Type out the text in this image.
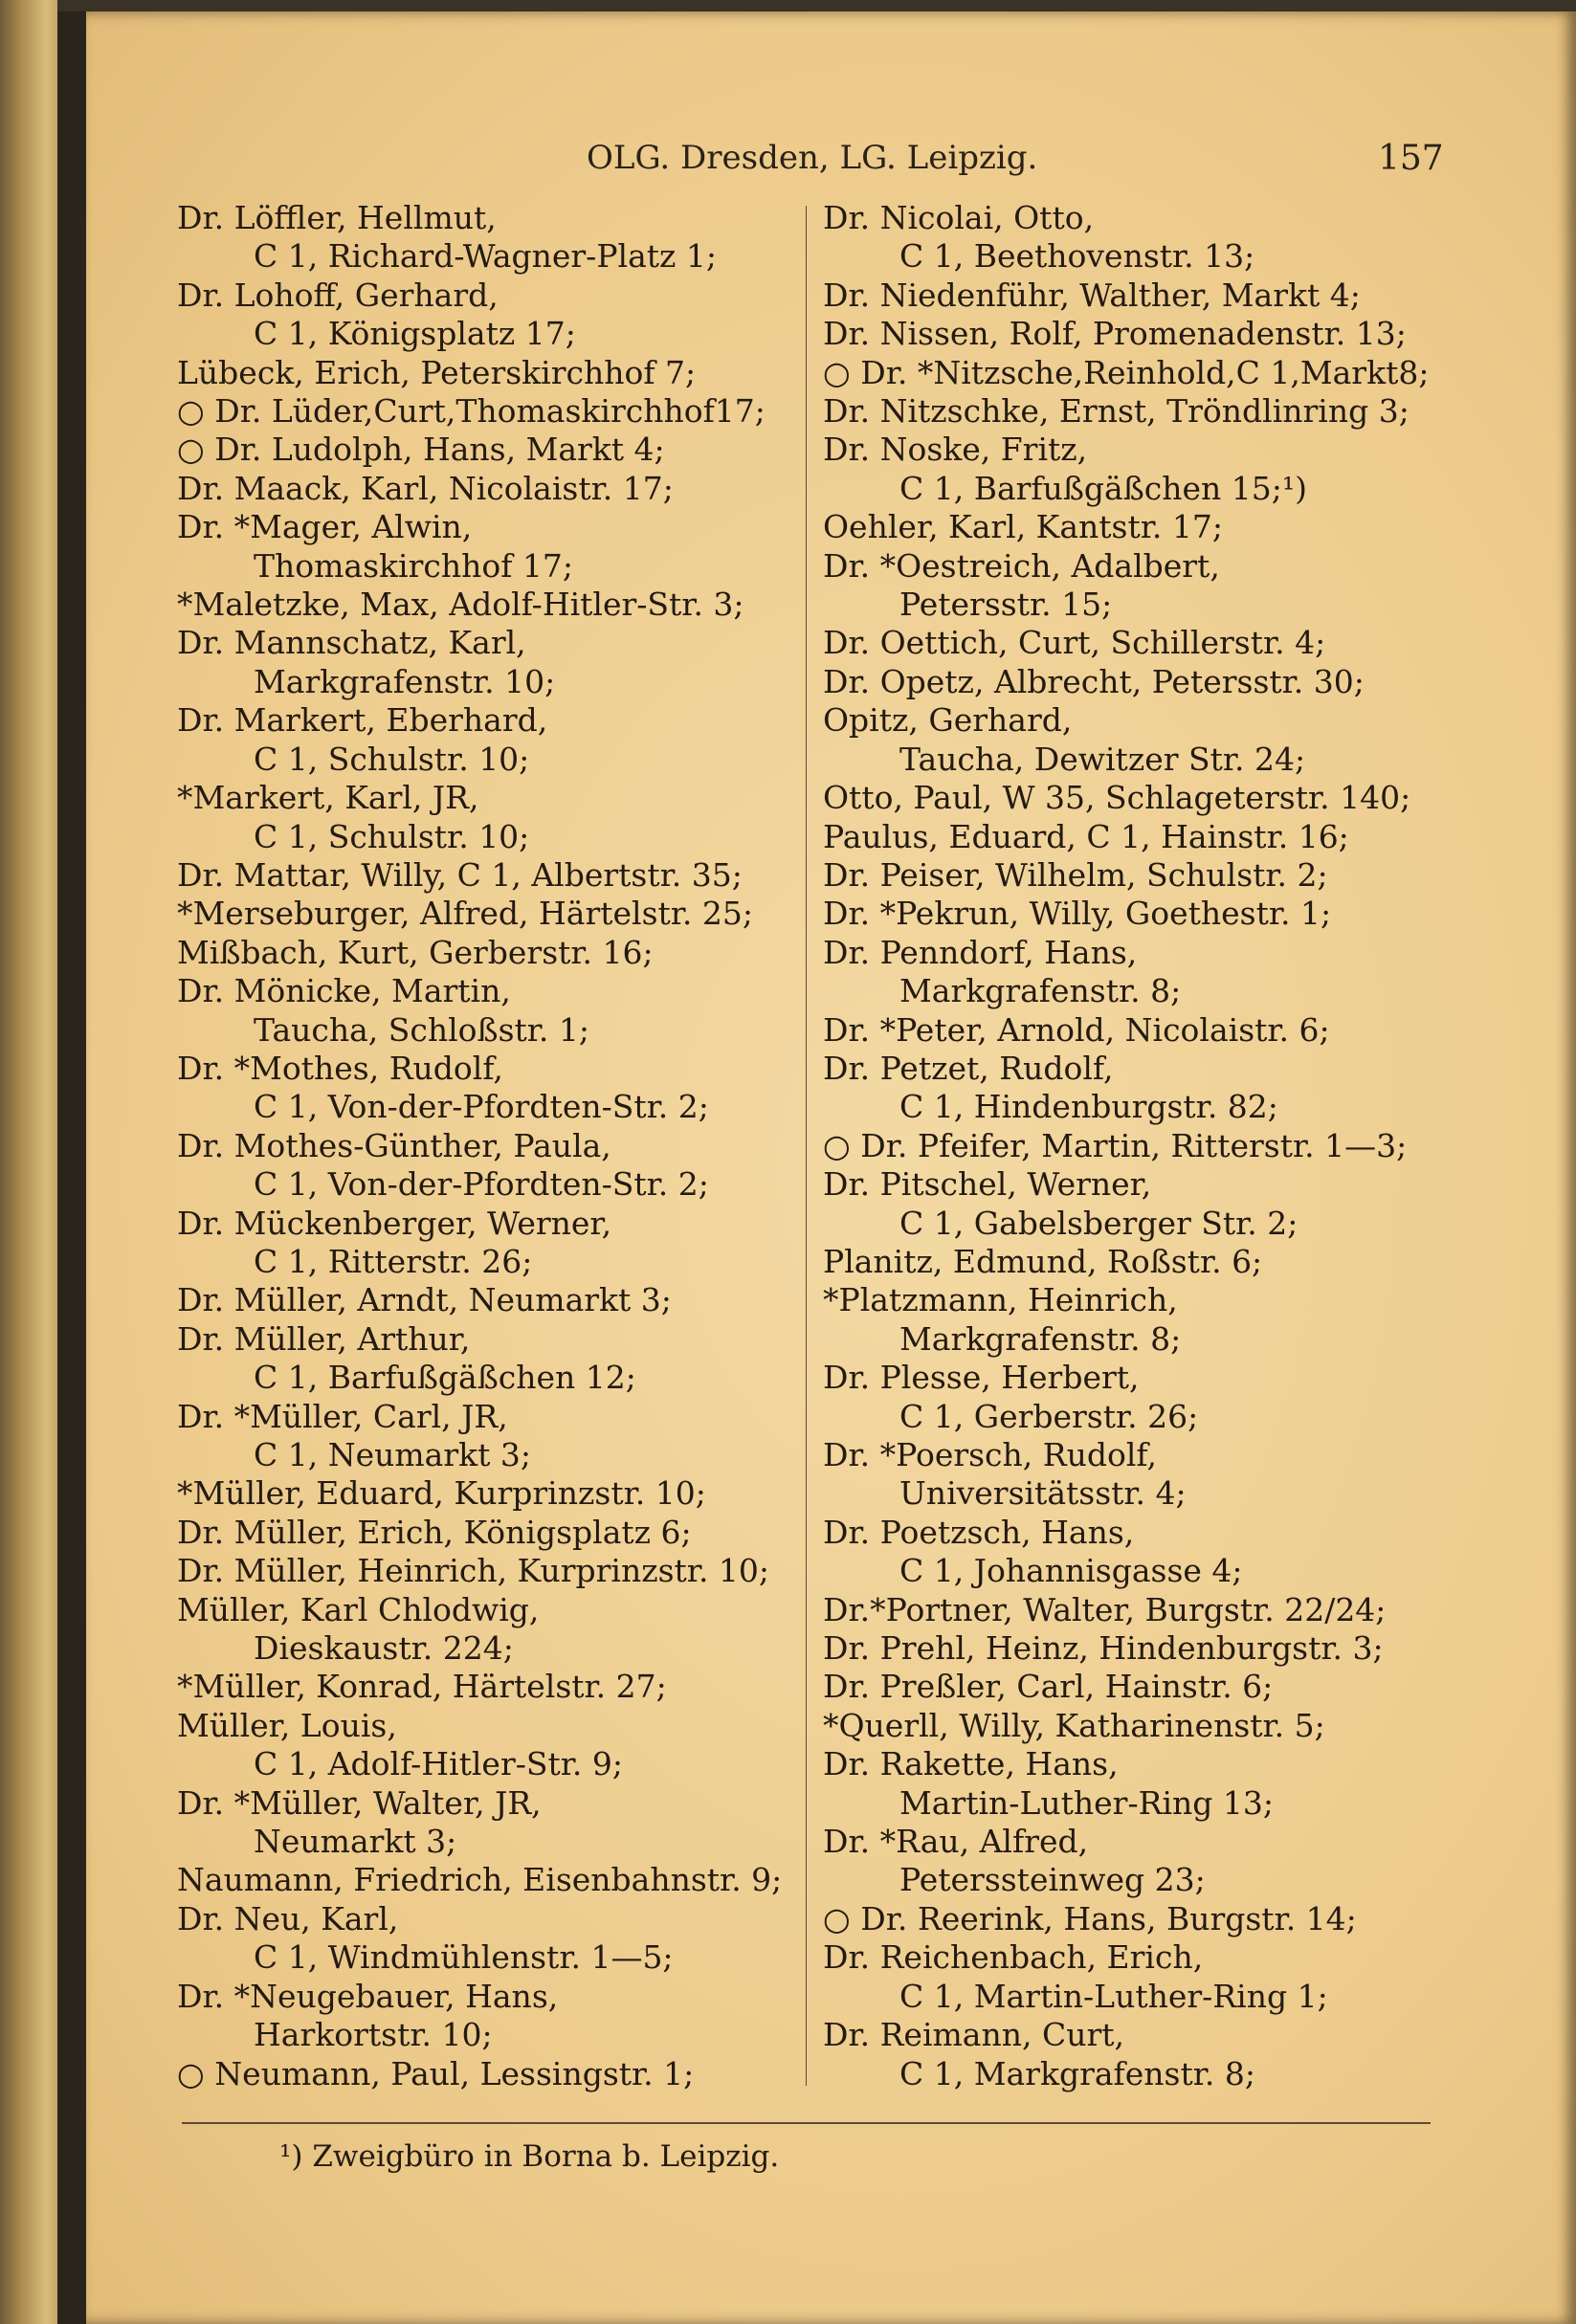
OLG. Dresden, LG. Leipzig.	157
Dr. Löffler, Hellmut,
C 1, Richard-Wagner-Platz 1;
Dr. Lohoff, Gerhard,
C 1, Königsplatz 17;
Lübeck, Erich, Peterskirchhof 7;
○ Dr. Lüder,Curt,Thomaskirchhof17;
○ Dr. Ludolph, Hans, Markt 4;
Dr. Maack, Karl, Nicolaistr. 17;
Dr. *Mager, Alwin,
Thomaskirchhof 17;
*Maletzke, Max, Adolf-Hitler-Str. 3;
Dr. Mannschatz, Karl,
Markgrafenstr. 10;
Dr. Markert, Eberhard,
C 1, Schulstr. 10;
*Markert, Karl, JR,
C 1, Schulstr. 10;
Dr. Mattar, Willy, C 1, Albertstr. 35;
*Merseburger, Alfred, Härtelstr. 25;
Mißbach, Kurt, Gerberstr. 16;
Dr. Mönicke, Martin,
Taucha, Schloßstr. 1;
Dr. *Mothes, Rudolf,
C 1, Von-der-Pfordten-Str. 2;
Dr. Mothes-Günther, Paula,
C 1, Von-der-Pfordten-Str. 2;
Dr. Mückenberger, Werner,
C 1, Ritterstr. 26;
Dr. Müller, Arndt, Neumarkt 3;
Dr. Müller, Arthur,
C 1, Barfußgäßchen 12;
Dr. *Müller, Carl, JR,
C 1, Neumarkt 3;
*Müller, Eduard, Kurprinzstr. 10;
Dr. Müller, Erich, Königsplatz 6;
Dr. Müller, Heinrich, Kurprinzstr. 10;
Müller, Karl Chlodwig,
Dieskaustr. 224;
*Müller, Konrad, Härtelstr. 27;
Müller, Louis,
C 1, Adolf-Hitler-Str. 9;
Dr. *Müller, Walter, JR,
Neumarkt 3;
Naumann, Friedrich, Eisenbahnstr. 9;
Dr. Neu, Karl,
C 1, Windmühlenstr. 1—5;
Dr. *Neugebauer, Hans,
Harkortstr. 10;
○ Neumann, Paul, Lessingstr. 1;
Dr. Nicolai, Otto,
C 1, Beethovenstr. 13;
Dr. Niedenführ, Walther, Markt 4;
Dr. Nissen, Rolf, Promenadenstr. 13;
○ Dr. *Nitzsche,Reinhold,C 1,Markt8;
Dr. Nitzschke, Ernst, Tröndlinring 3;
Dr. Noske, Fritz,
C 1, Barfußgäßchen 15;¹)
Oehler, Karl, Kantstr. 17;
Dr. *Oestreich, Adalbert,
Petersstr. 15;
Dr. Oettich, Curt, Schillerstr. 4;
Dr. Opetz, Albrecht, Petersstr. 30;
Opitz, Gerhard,
Taucha, Dewitzer Str. 24;
Otto, Paul, W 35, Schlageterstr. 140;
Paulus, Eduard, C 1, Hainstr. 16;
Dr. Peiser, Wilhelm, Schulstr. 2;
Dr. *Pekrun, Willy, Goethestr. 1;
Dr. Penndorf, Hans,
Markgrafenstr. 8;
Dr. *Peter, Arnold, Nicolaistr. 6;
Dr. Petzet, Rudolf,
C 1, Hindenburgstr. 82;
○ Dr. Pfeifer, Martin, Ritterstr. 1—3;
Dr. Pitschel, Werner,
C 1, Gabelsberger Str. 2;
Planitz, Edmund, Roßstr. 6;
*Platzmann, Heinrich,
Markgrafenstr. 8;
Dr. Plesse, Herbert,
C 1, Gerberstr. 26;
Dr. *Poersch, Rudolf,
Universitätsstr. 4;
Dr. Poetzsch, Hans,
C 1, Johannisgasse 4;
Dr.*Portner, Walter, Burgstr. 22/24;
Dr. Prehl, Heinz, Hindenburgstr. 3;
Dr. Preßler, Carl, Hainstr. 6;
*Querll, Willy, Katharinenstr. 5;
Dr. Rakette, Hans,
Martin-Luther-Ring 13;
Dr. *Rau, Alfred,
Peterssteinweg 23;
○ Dr. Reerink, Hans, Burgstr. 14;
Dr. Reichenbach, Erich,
C 1, Martin-Luther-Ring 1;
Dr. Reimann, Curt,
C 1, Markgrafenstr. 8;
¹) Zweigbüro in Borna b. Leipzig.
